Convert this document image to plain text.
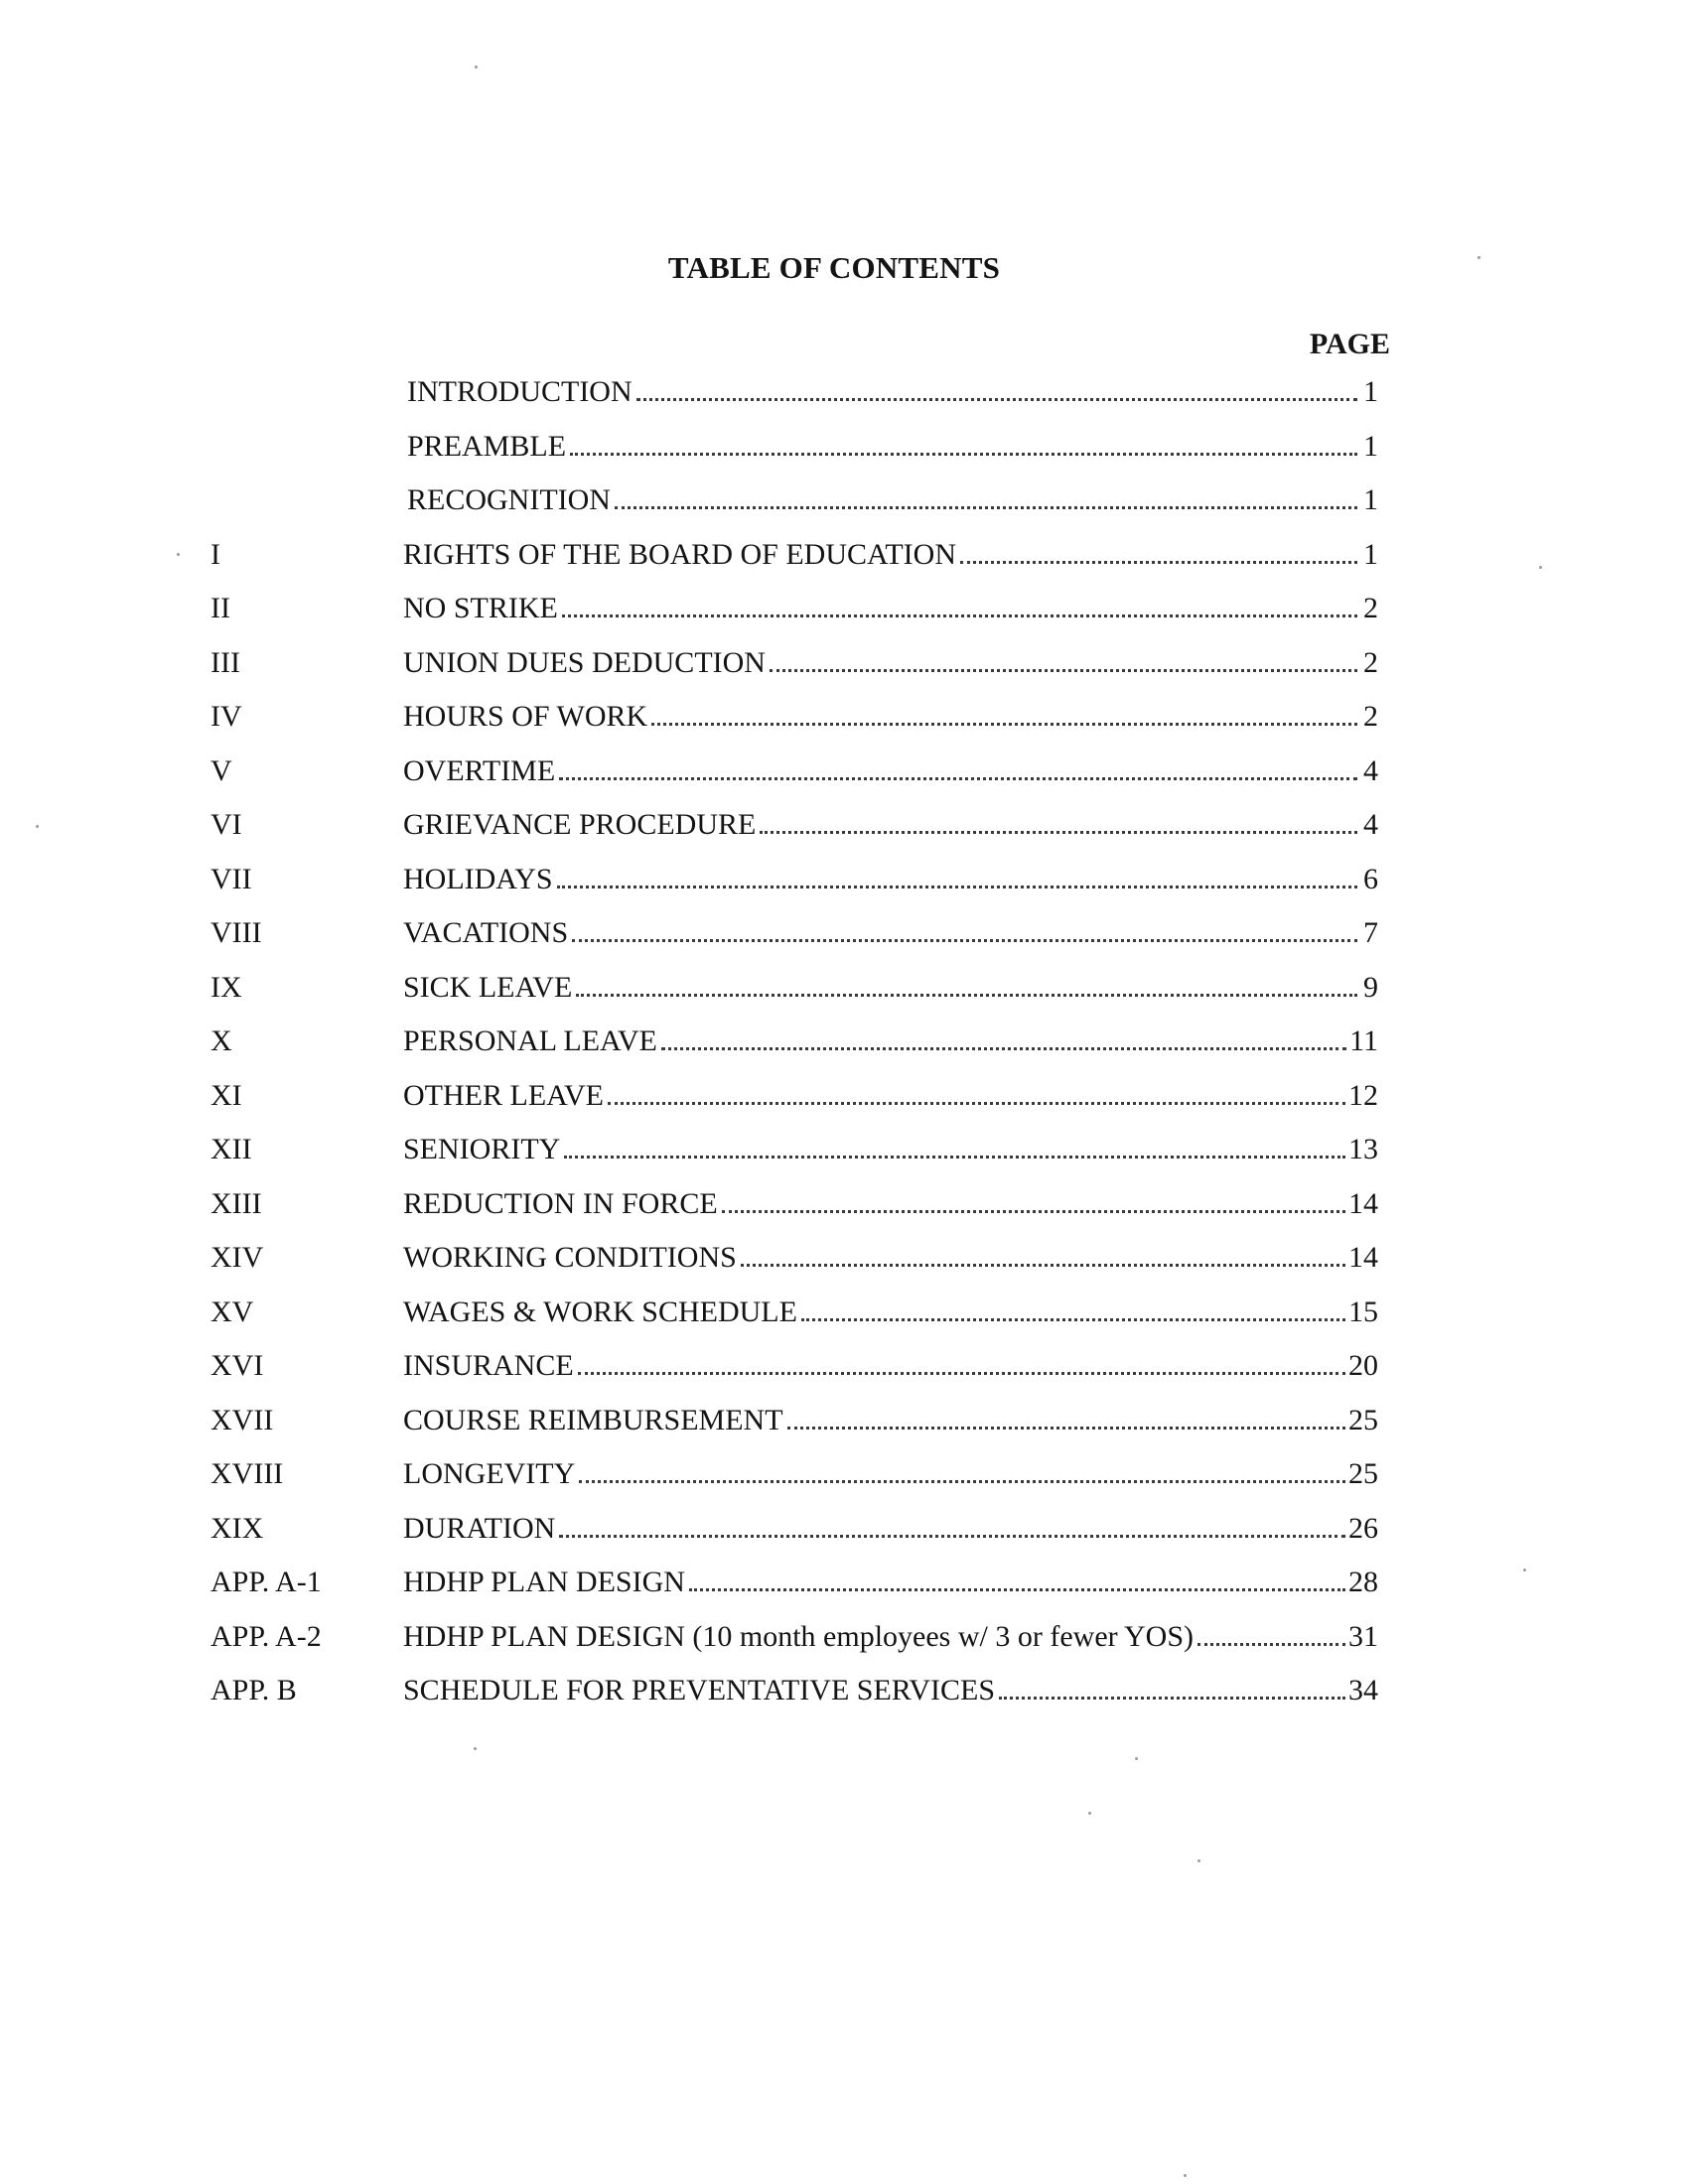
TABLE OF CONTENTS
PAGE
INTRODUCTION	1
PREAMBLE	1
RECOGNITION	1
I	RIGHTS OF THE BOARD OF EDUCATION	1
II	NO STRIKE	2
III	UNION DUES DEDUCTION	2
IV	HOURS OF WORK	2
V	OVERTIME	4
VI	GRIEVANCE PROCEDURE	4
VII	HOLIDAYS	6
VIII	VACATIONS	7
IX	SICK LEAVE	9
X	PERSONAL LEAVE	11
XI	OTHER LEAVE	12
XII	SENIORITY	13
XIII	REDUCTION IN FORCE	14
XIV	WORKING CONDITIONS	14
XV	WAGES & WORK SCHEDULE	15
XVI	INSURANCE	20
XVII	COURSE REIMBURSEMENT	25
XVIII	LONGEVITY	25
XIX	DURATION	26
APP. A-1	HDHP PLAN DESIGN	28
APP. A-2	HDHP PLAN DESIGN (10 month employees w/ 3 or fewer YOS)	31
APP. B	SCHEDULE FOR PREVENTATIVE SERVICES	34
